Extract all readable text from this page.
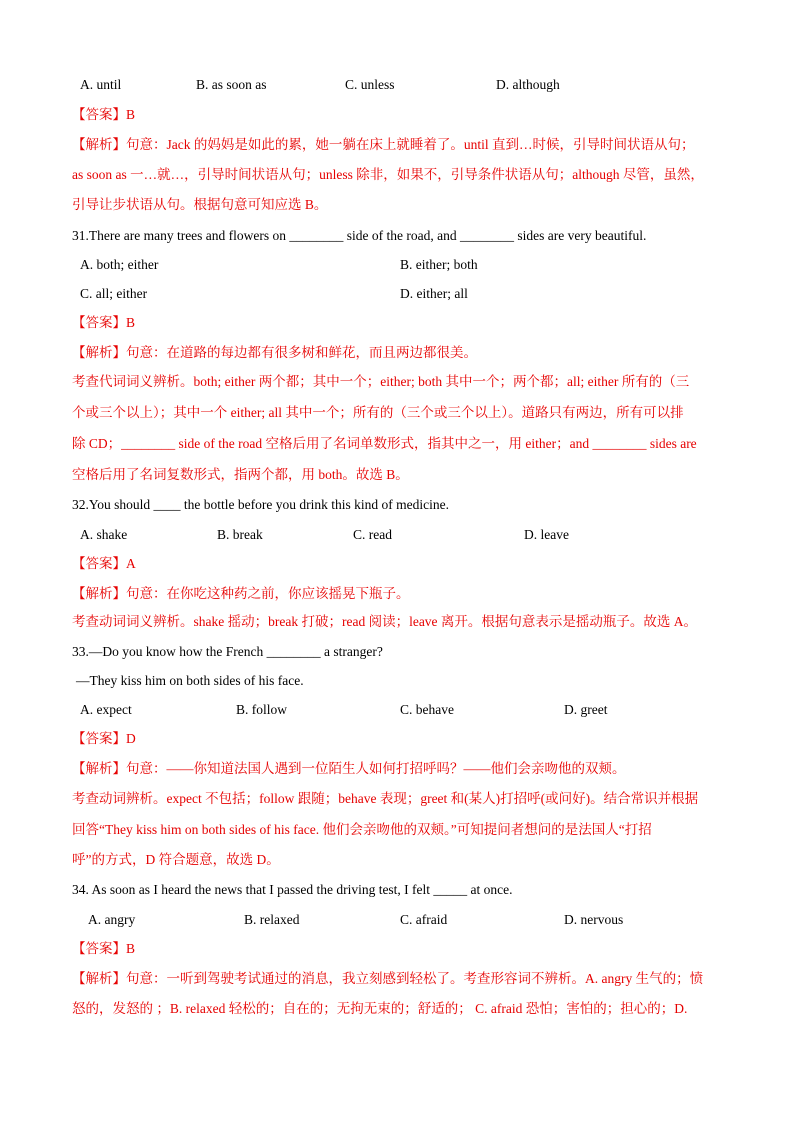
A. until	B. as soon as	C. unless	D. although
【答案】B
【解析】句意：Jack 的妈妈是如此的累，她一躺在床上就睡着了。until 直到…时候，引导时间状语从句；
as soon as 一…就…，引导时间状语从句；unless 除非，如果不，引导条件状语从句；although 尽管，虽然，
引导让步状语从句。根据句意可知应选 B。
31.There are many trees and flowers on ________ side of the road, and ________ sides are very beautiful.
A. both; either	B. either; both
C. all; either	D. either; all
【答案】B
【解析】句意：在道路的每边都有很多树和鲜花，而且两边都很美。
考查代词词义辨析。both; either 两个都；其中一个；either; both 其中一个；两个都；all; either 所有的（三
个或三个以上）；其中一个 either; all 其中一个；所有的（三个或三个以上）。道路只有两边，所有可以排
除 CD；________ side of the road 空格后用了名词单数形式，指其中之一，用 either；and ________ sides are
空格后用了名词复数形式，指两个都，用 both。故选 B。
32.You should ____ the bottle before you drink this kind of medicine.
A. shake	B. break	C. read	D. leave
【答案】A
【解析】句意：在你吃这种药之前，你应该摇晃下瓶子。
考查动词词义辨析。shake 摇动；break 打破；read 阅读；leave 离开。根据句意表示是摇动瓶子。故选 A。
33.—Do you know how the French ________ a stranger?
—They kiss him on both sides of his face.
A. expect	B. follow	C. behave	D. greet
【答案】D
【解析】句意：——你知道法国人遇到一位陌生人如何打招呼吗？——他们会亲吻他的双颊。
考查动词辨析。expect 不包括；follow 跟随；behave 表现；greet 和(某人)打招呼(或问好)。结合常识并根据
回答“They kiss him on both sides of his face. 他们会亲吻他的双颊。”可知提问者想问的是法国人“打招
呼”的方式，D 符合题意，故选 D。
34. As soon as I heard the news that I passed the driving test, I felt _____ at once.
A. angry	B. relaxed	C. afraid	D. nervous
【答案】B
【解析】句意：一听到驾驶考试通过的消息，我立刻感到轻松了。考查形容词不辨析。A. angry 生气的；愤
怒的，发怒的 ；B. relaxed 轻松的；自在的；无拘无束的；舒适的； C. afraid 恐怕；害怕的；担心的；D.
